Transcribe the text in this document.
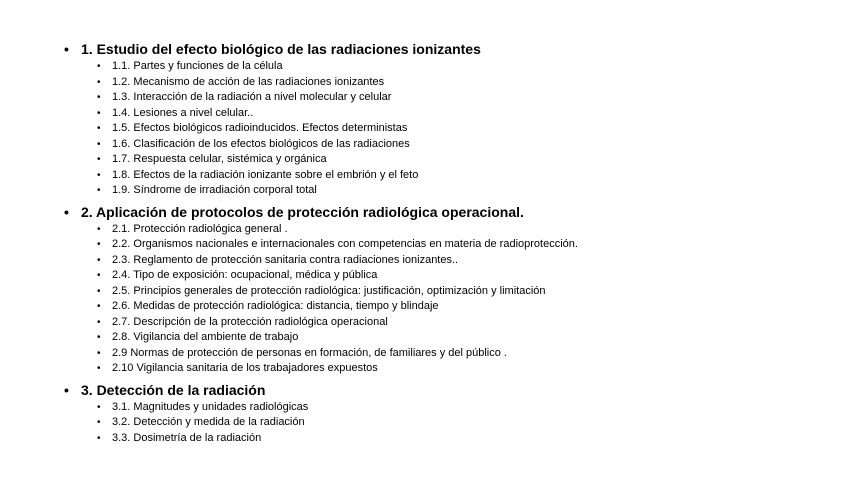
• 1. Estudio del efecto biológico de las radiaciones ionizantes
• 1.1. Partes y funciones de la célula
• 1.2. Mecanismo de acción de las radiaciones ionizantes
• 1.3. Interacción de la radiación a nivel molecular y celular
• 1.4. Lesiones a nivel celular..
• 1.5. Efectos biológicos radioinducidos. Efectos deterministas
• 1.6. Clasificación de los efectos biológicos de las radiaciones
• 1.7. Respuesta celular, sistémica y orgánica
• 1.8. Efectos de la radiación ionizante sobre el embrión y el feto
• 1.9. Síndrome de irradiación corporal total
• 2. Aplicación de protocolos de protección radiológica operacional.
• 2.1. Protección radiológica general .
• 2.2. Organismos nacionales e internacionales con competencias en materia de radioprotección.
• 2.3. Reglamento de protección sanitaria contra radiaciones ionizantes..
• 2.4. Tipo de exposición: ocupacional, médica y pública
• 2.5. Principios generales de protección radiológica: justificación, optimización y limitación
• 2.6. Medidas de protección radiológica: distancia, tiempo y blindaje
• 2.7. Descripción de la protección radiológica operacional
• 2.8. Vigilancia del ambiente de trabajo
• 2.9 Normas de protección de personas en formación, de familiares y del público .
• 2.10 Vigilancia sanitaria de los trabajadores expuestos
• 3. Detección de la radiación
• 3.1. Magnitudes y unidades radiológicas
• 3.2. Detección y medida de la radiación
• 3.3. Dosimetría de la radiación
